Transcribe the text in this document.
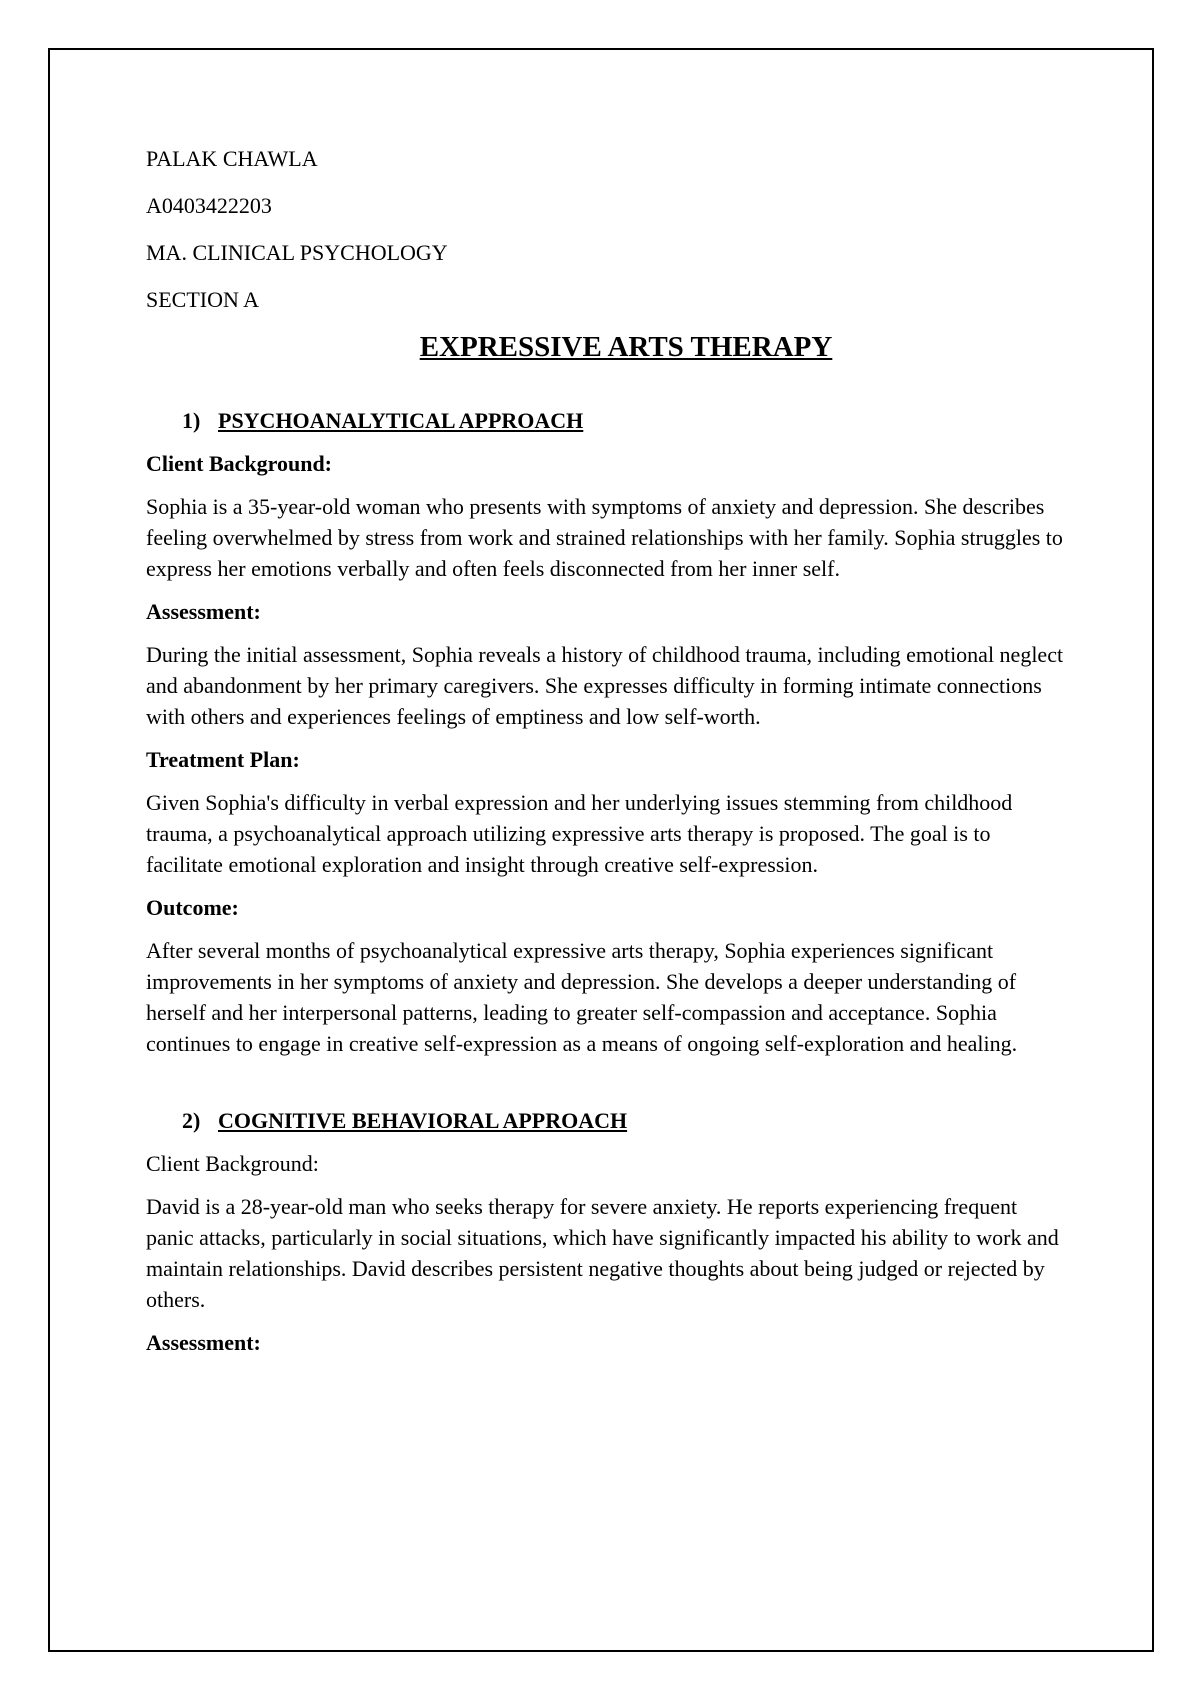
PALAK CHAWLA

A0403422203

MA. CLINICAL PSYCHOLOGY

SECTION A

EXPRESSIVE ARTS THERAPY

1) PSYCHOANALYTICAL APPROACH

Client Background:

Sophia is a 35-year-old woman who presents with symptoms of anxiety and depression. She describes feeling overwhelmed by stress from work and strained relationships with her family. Sophia struggles to express her emotions verbally and often feels disconnected from her inner self.

Assessment:

During the initial assessment, Sophia reveals a history of childhood trauma, including emotional neglect and abandonment by her primary caregivers. She expresses difficulty in forming intimate connections with others and experiences feelings of emptiness and low self-worth.

Treatment Plan:

Given Sophia's difficulty in verbal expression and her underlying issues stemming from childhood trauma, a psychoanalytical approach utilizing expressive arts therapy is proposed. The goal is to facilitate emotional exploration and insight through creative self-expression.

Outcome:

After several months of psychoanalytical expressive arts therapy, Sophia experiences significant improvements in her symptoms of anxiety and depression. She develops a deeper understanding of herself and her interpersonal patterns, leading to greater self-compassion and acceptance. Sophia continues to engage in creative self-expression as a means of ongoing self-exploration and healing.

2) COGNITIVE BEHAVIORAL APPROACH

Client Background:

David is a 28-year-old man who seeks therapy for severe anxiety. He reports experiencing frequent panic attacks, particularly in social situations, which have significantly impacted his ability to work and maintain relationships. David describes persistent negative thoughts about being judged or rejected by others.

Assessment:
